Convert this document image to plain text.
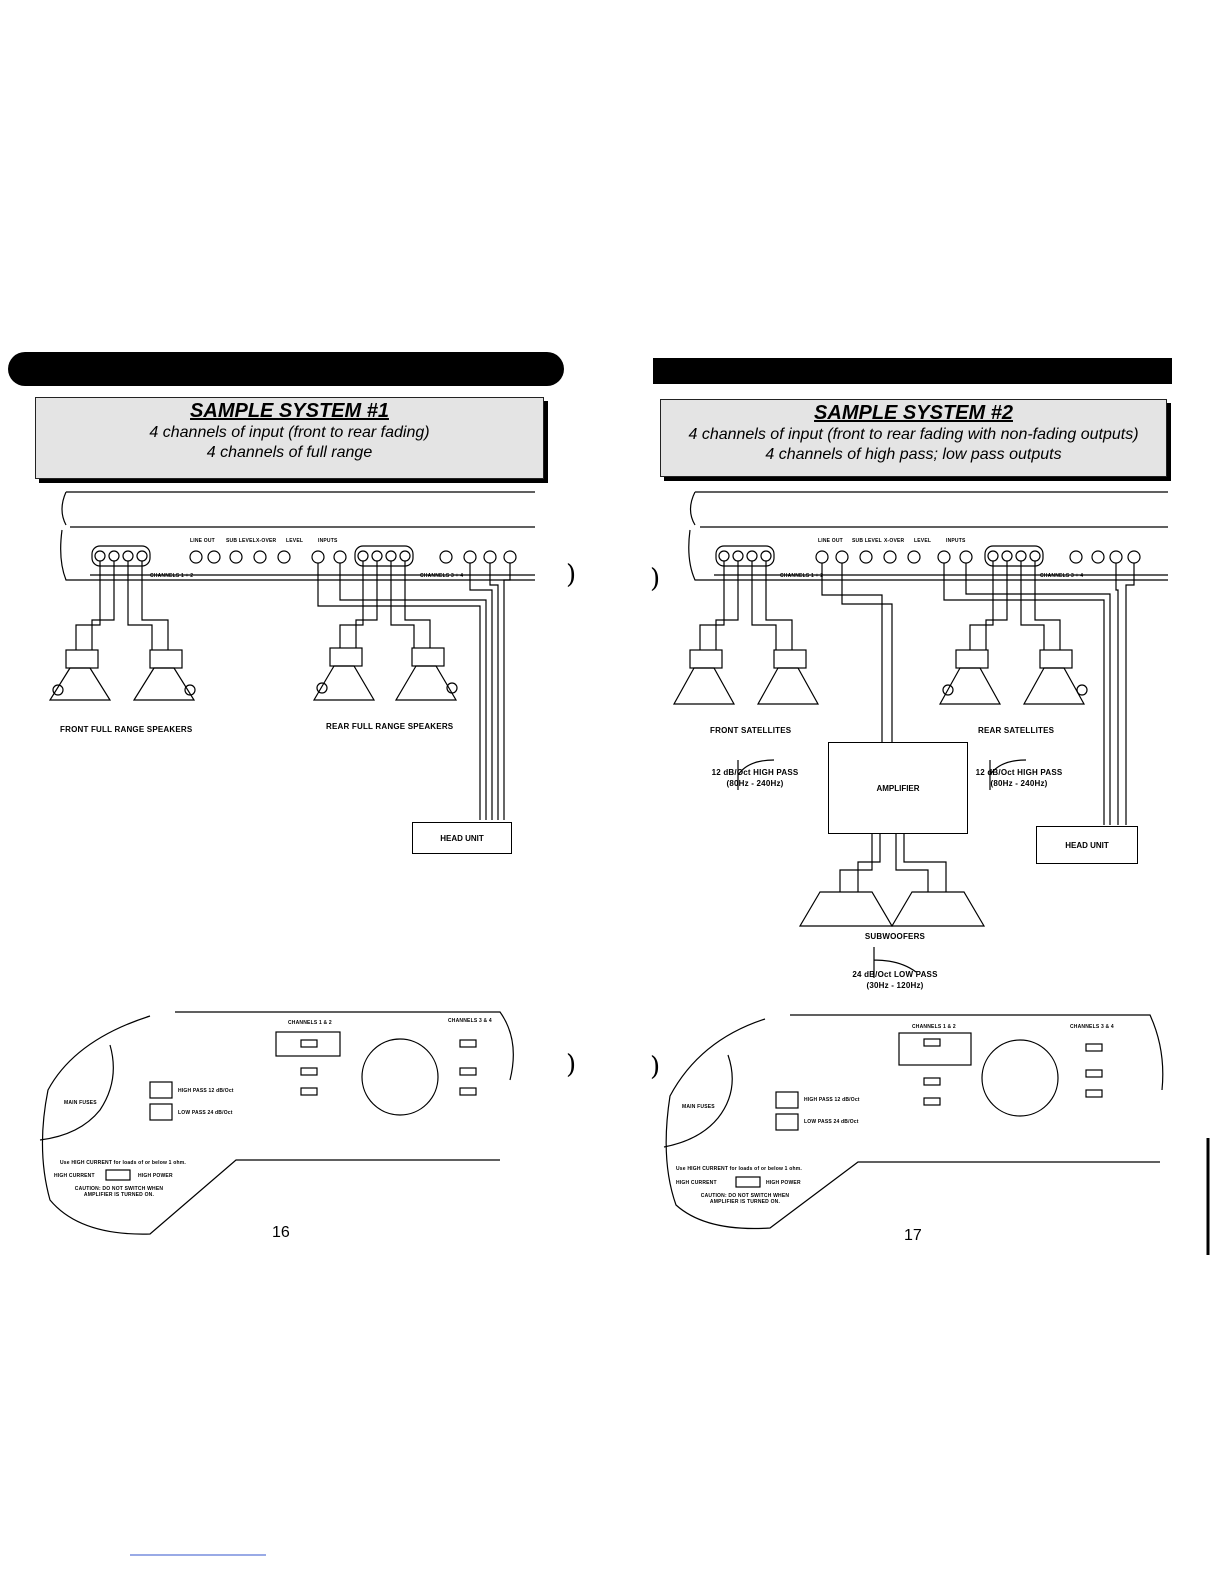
SAMPLE SYSTEM #1
4 channels of input (front to rear fading)
4 channels of full range
SAMPLE SYSTEM #2
4 channels of input (front to rear fading with non-fading outputs)
4 channels of high pass; low pass outputs
LINE OUT SUB LEVEL X-OVER LEVEL	INPUTS
CHANNELS 1 + 2	CHANNELS 3 + 4
LINE OUT SUB LEVEL X-OVER LEVEL	INPUTS
CHANNELS 1 + 2	CHANNELS 3 + 4
FRONT FULL RANGE SPEAKERS	REAR FULL RANGE SPEAKERS
HEAD UNIT
FRONT SATELLITES	REAR SATELLITES
12 dB/Oct HIGH PASS
(80Hz - 240Hz)
12 dB/Oct HIGH PASS
(80Hz - 240Hz)
AMPLIFIER
HEAD UNIT
SUBWOOFERS
24 dB/Oct LOW PASS
(30Hz - 120Hz)
CHANNELS 1 & 2	CHANNELS 3 & 4
MAIN FUSES
HIGH PASS 12 dB/Oct
LOW PASS 24 dB/Oct
Use HIGH CURRENT for loads of or below 1 ohm.
HIGH CURRENT	HIGH POWER
CAUTION: DO NOT SWITCH WHEN AMPLIFIER IS TURNED ON.
CHANNELS 1 & 2	CHANNELS 3 & 4
MAIN FUSES
HIGH PASS 12 dB/Oct
LOW PASS 24 dB/Oct
Use HIGH CURRENT for loads of or below 1 ohm.
HIGH CURRENT	HIGH POWER
CAUTION: DO NOT SWITCH WHEN AMPLIFIER IS TURNED ON.
)	)
)	)
16	17
